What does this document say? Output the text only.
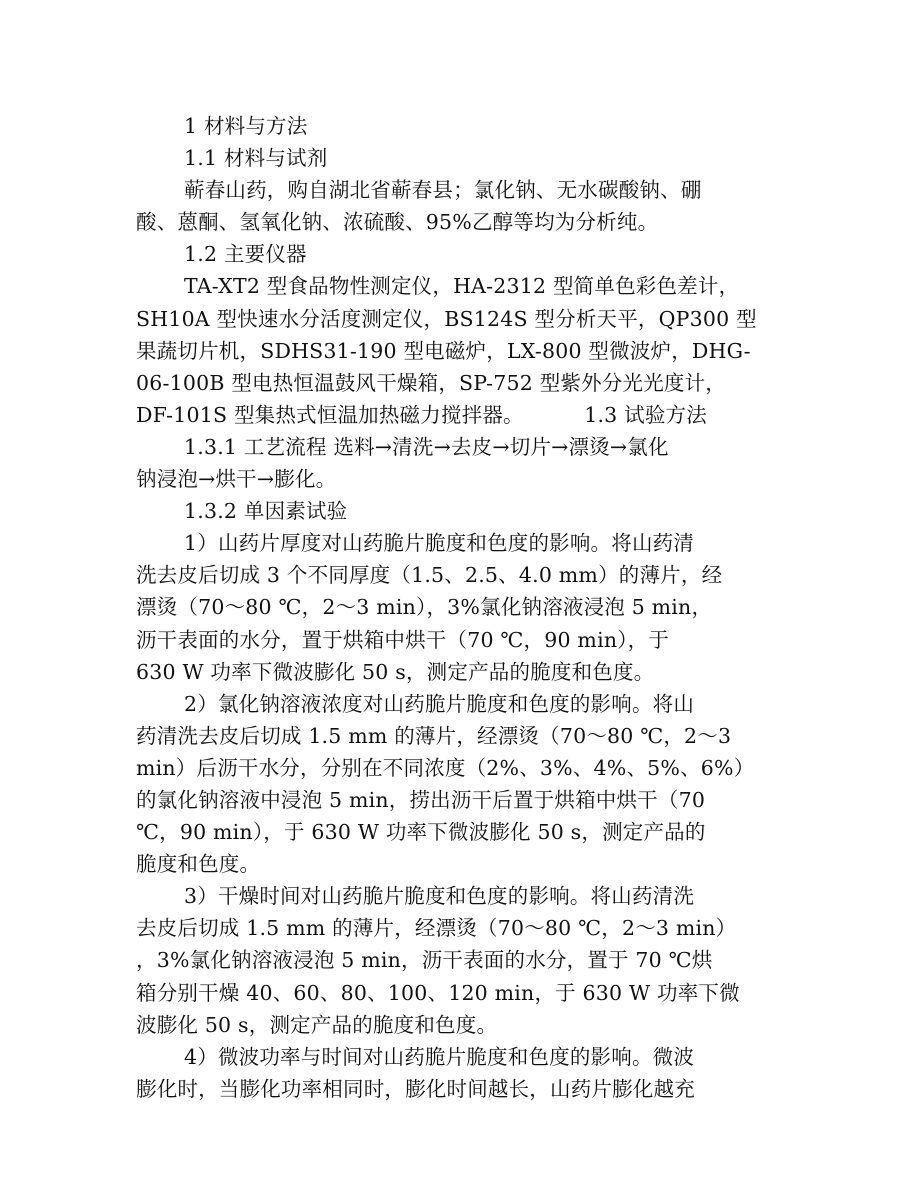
1 材料与方法
1.1 材料与试剂
蕲春山药，购自湖北省蕲春县；氯化钠、无水碳酸钠、硼
酸、蒽酮、氢氧化钠、浓硫酸、95%乙醇等均为分析纯。
1.2 主要仪器
TA-XT2 型食品物性测定仪，HA-2312 型简单色彩色差计，
SH10A 型快速水分活度测定仪，BS124S 型分析天平，QP300 型
果蔬切片机，SDHS31-190 型电磁炉，LX-800 型微波炉，DHG-
06-100B 型电热恒温鼓风干燥箱，SP-752 型紫外分光光度计，
DF-101S 型集热式恒温加热磁力搅拌器。         1.3 试验方法
1.3.1 工艺流程 选料→清洗→去皮→切片→漂烫→氯化
钠浸泡→烘干→膨化。
1.3.2 单因素试验
1）山药片厚度对山药脆片脆度和色度的影响。将山药清
洗去皮后切成 3 个不同厚度（1.5、2.5、4.0 mm）的薄片，经
漂烫（70～80 ℃，2～3 min），3%氯化钠溶液浸泡 5 min，
沥干表面的水分，置于烘箱中烘干（70 ℃，90 min），于
630 W 功率下微波膨化 50 s，测定产品的脆度和色度。
2）氯化钠溶液浓度对山药脆片脆度和色度的影响。将山
药清洗去皮后切成 1.5 mm 的薄片，经漂烫（70～80 ℃，2～3
min）后沥干水分，分别在不同浓度（2%、3%、4%、5%、6%）
的氯化钠溶液中浸泡 5 min，捞出沥干后置于烘箱中烘干（70
℃，90 min），于 630 W 功率下微波膨化 50 s，测定产品的
脆度和色度。
3）干燥时间对山药脆片脆度和色度的影响。将山药清洗
去皮后切成 1.5 mm 的薄片，经漂烫（70～80 ℃，2～3 min）
，3%氯化钠溶液浸泡 5 min，沥干表面的水分，置于 70 ℃烘
箱分别干燥 40、60、80、100、120 min，于 630 W 功率下微
波膨化 50 s，测定产品的脆度和色度。
4）微波功率与时间对山药脆片脆度和色度的影响。微波
膨化时，当膨化功率相同时，膨化时间越长，山药片膨化越充
